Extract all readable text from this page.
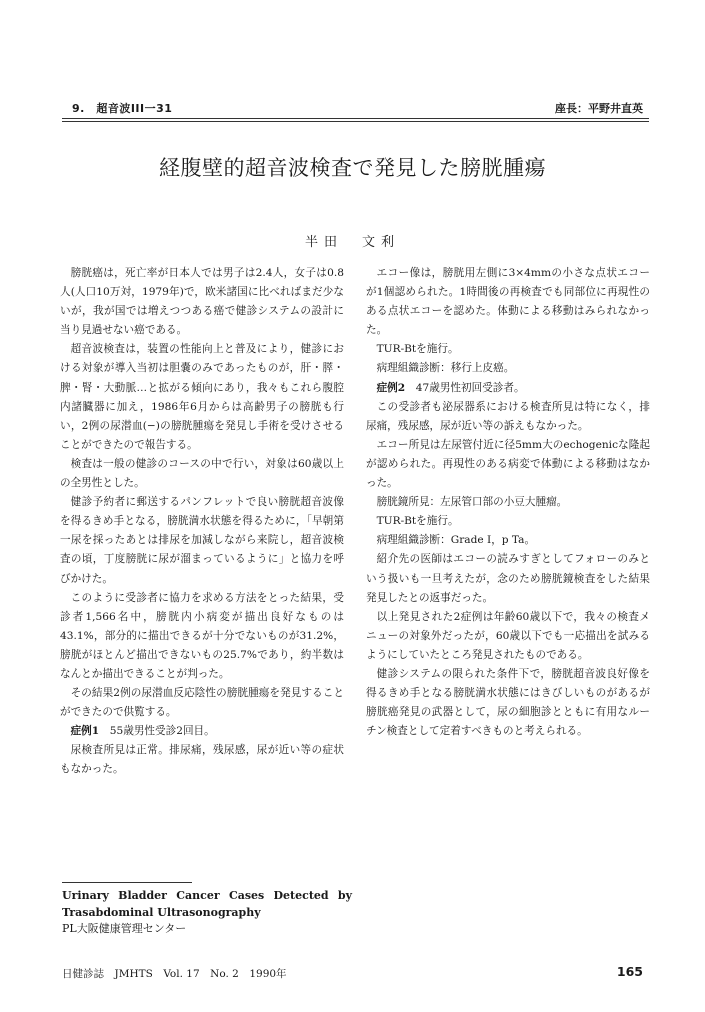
9.　超音波III一31	座長：平野井直英
経腹壁的超音波検査で発見した膀胱腫瘍
半田　文利

膀胱癌は，死亡率が日本人では男子は2.4人，女子は0.8人(人口10万対，1979年)で，欧米諸国に比べればまだ少ないが，我が国では増えつつある癌で健診システムの設計に当り見過せない癌である。

超音波検査は，装置の性能向上と普及により，健診における対象が導入当初は胆嚢のみであったものが，肝・膵・脾・腎・大動脈…と拡がる傾向にあり，我々もこれら腹腔内諸臓器に加え，1986年6月からは高齢男子の膀胱も行い，2例の尿潜血(−)の膀胱腫瘍を発見し手術を受けさせることができたので報告する。

検査は一般の健診のコースの中で行い，対象は60歳以上の全男性とした。

健診予約者に郵送するパンフレットで良い膀胱超音波像を得るきめ手となる，膀胱満水状態を得るために，「早朝第一尿を採ったあとは排尿を加減しながら来院し，超音波検査の頃，丁度膀胱に尿が溜まっているように」と協力を呼びかけた。

このように受診者に協力を求める方法をとった結果，受診者1,566名中，膀胱内小病変が描出良好なものは43.1%，部分的に描出できるが十分でないものが31.2%，膀胱がほとんど描出できないもの25.7%であり，約半数はなんとか描出できることが判った。

その結果2例の尿潜血反応陰性の膀胱腫瘍を発見することができたので供覧する。

症例1　55歳男性受診2回目。

尿検査所見は正常。排尿痛，残尿感，尿が近い等の症状もなかった。

エコー像は，膀胱用左側に3×4mmの小さな点状エコーが1個認められた。1時間後の再検査でも同部位に再現性のある点状エコーを認めた。体動による移動はみられなかった。

TUR-Btを施行。

病理組織診断：移行上皮癌。

症例2　47歳男性初回受診者。

この受診者も泌尿器系における検査所見は特になく，排尿痛，残尿感，尿が近い等の訴えもなかった。

エコー所見は左尿管付近に径5mm大のechogenicな隆起が認められた。再現性のある病変で体動による移動はなかった。

膀胱鏡所見：左尿管口部の小豆大腫瘤。

TUR-Btを施行。

病理組織診断：Grade Ⅰ，p Ta。

紹介先の医師はエコーの読みすぎとしてフォローのみという扱いも一旦考えたが，念のため膀胱鏡検査をした結果発見したとの返事だった。

以上発見された2症例は年齢60歳以下で，我々の検査メニューの対象外だったが，60歳以下でも一応描出を試みるようにしていたところ発見されたものである。

健診システムの限られた条件下で，膀胱超音波良好像を得るきめ手となる膀胱満水状態にはきびしいものがあるが膀胱癌発見の武器として，尿の細胞診とともに有用なルーチン検査として定着すべきものと考えられる。

Urinary Bladder Cancer Cases Detected by Trasabdominal Ultrasonography
PL大阪健康管理センター
日健診誌　JMHTS　Vol. 17　No. 2　1990年	165
